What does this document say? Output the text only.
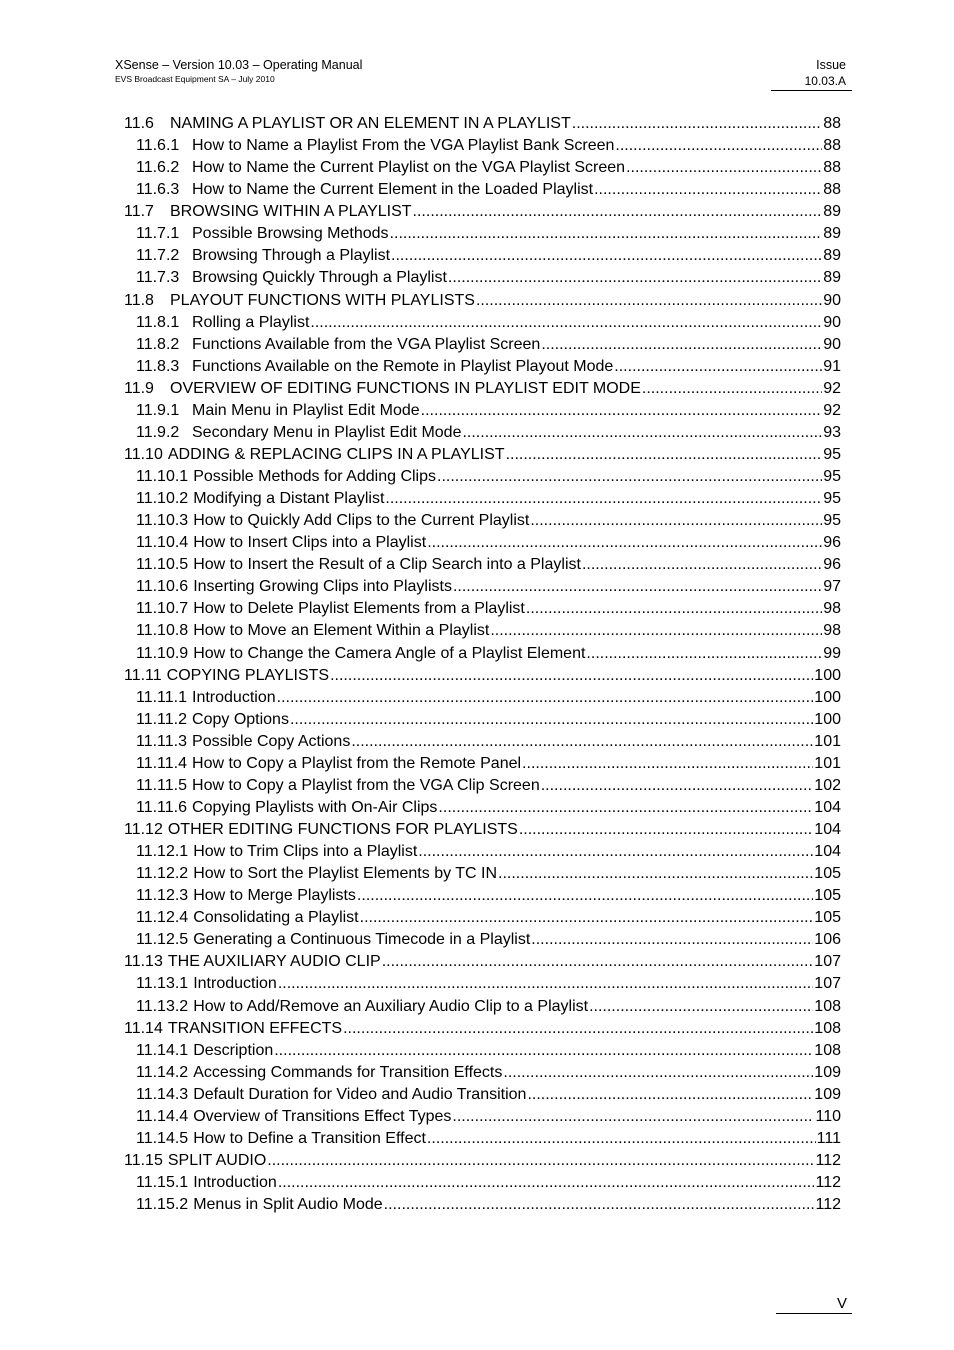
XSense – Version 10.03 – Operating Manual
EVS Broadcast Equipment SA – July 2010
Issue
10.03.A
11.6	NAMING A PLAYLIST OR AN ELEMENT IN A PLAYLIST .....	88
11.6.1 How to Name a Playlist From the VGA Playlist Bank Screen .....	88
11.6.2 How to Name the Current Playlist on the VGA Playlist Screen .....	88
11.6.3 How to Name the Current Element in the Loaded Playlist .....	88
11.7	BROWSING WITHIN A PLAYLIST .....	89
11.7.1 Possible Browsing Methods .....	89
11.7.2 Browsing Through a Playlist .....	89
11.7.3 Browsing Quickly Through a Playlist .....	89
11.8	PLAYOUT FUNCTIONS WITH PLAYLISTS .....	90
11.8.1 Rolling a Playlist .....	90
11.8.2 Functions Available from the VGA Playlist Screen .....	90
11.8.3 Functions Available on the Remote in Playlist Playout Mode .....	91
11.9	OVERVIEW OF EDITING FUNCTIONS IN PLAYLIST EDIT MODE .....	92
11.9.1 Main Menu in Playlist Edit Mode .....	92
11.9.2 Secondary Menu in Playlist Edit Mode .....	93
11.10 ADDING & REPLACING CLIPS IN A PLAYLIST .....	95
11.10.1 Possible Methods for Adding Clips .....	95
11.10.2 Modifying a Distant Playlist .....	95
11.10.3 How to Quickly Add Clips to the Current Playlist .....	95
11.10.4 How to Insert Clips into a Playlist .....	96
11.10.5 How to Insert the Result of a Clip Search into a Playlist .....	96
11.10.6 Inserting Growing Clips into Playlists .....	97
11.10.7 How to Delete Playlist Elements from a Playlist .....	98
11.10.8 How to Move an Element Within a Playlist .....	98
11.10.9 How to Change the Camera Angle of a Playlist Element .....	99
11.11 COPYING PLAYLISTS .....	100
11.11.1 Introduction .....	100
11.11.2 Copy Options .....	100
11.11.3 Possible Copy Actions .....	101
11.11.4 How to Copy a Playlist from the Remote Panel .....	101
11.11.5 How to Copy a Playlist from the VGA Clip Screen .....	102
11.11.6 Copying Playlists with On-Air Clips .....	104
11.12 OTHER EDITING FUNCTIONS FOR PLAYLISTS .....	104
11.12.1 How to Trim Clips into a Playlist .....	104
11.12.2 How to Sort the Playlist Elements by TC IN .....	105
11.12.3 How to Merge Playlists .....	105
11.12.4 Consolidating a Playlist .....	105
11.12.5 Generating a Continuous Timecode in a Playlist .....	106
11.13 THE AUXILIARY AUDIO CLIP .....	107
11.13.1 Introduction .....	107
11.13.2 How to Add/Remove an Auxiliary Audio Clip to a Playlist .....	108
11.14 TRANSITION EFFECTS .....	108
11.14.1 Description .....	108
11.14.2 Accessing Commands for Transition Effects .....	109
11.14.3 Default Duration for Video and Audio Transition .....	109
11.14.4 Overview of Transitions Effect Types .....	110
11.14.5 How to Define a Transition Effect .....	111
11.15 SPLIT AUDIO .....	112
11.15.1 Introduction .....	112
11.15.2 Menus in Split Audio Mode .....	112
V
